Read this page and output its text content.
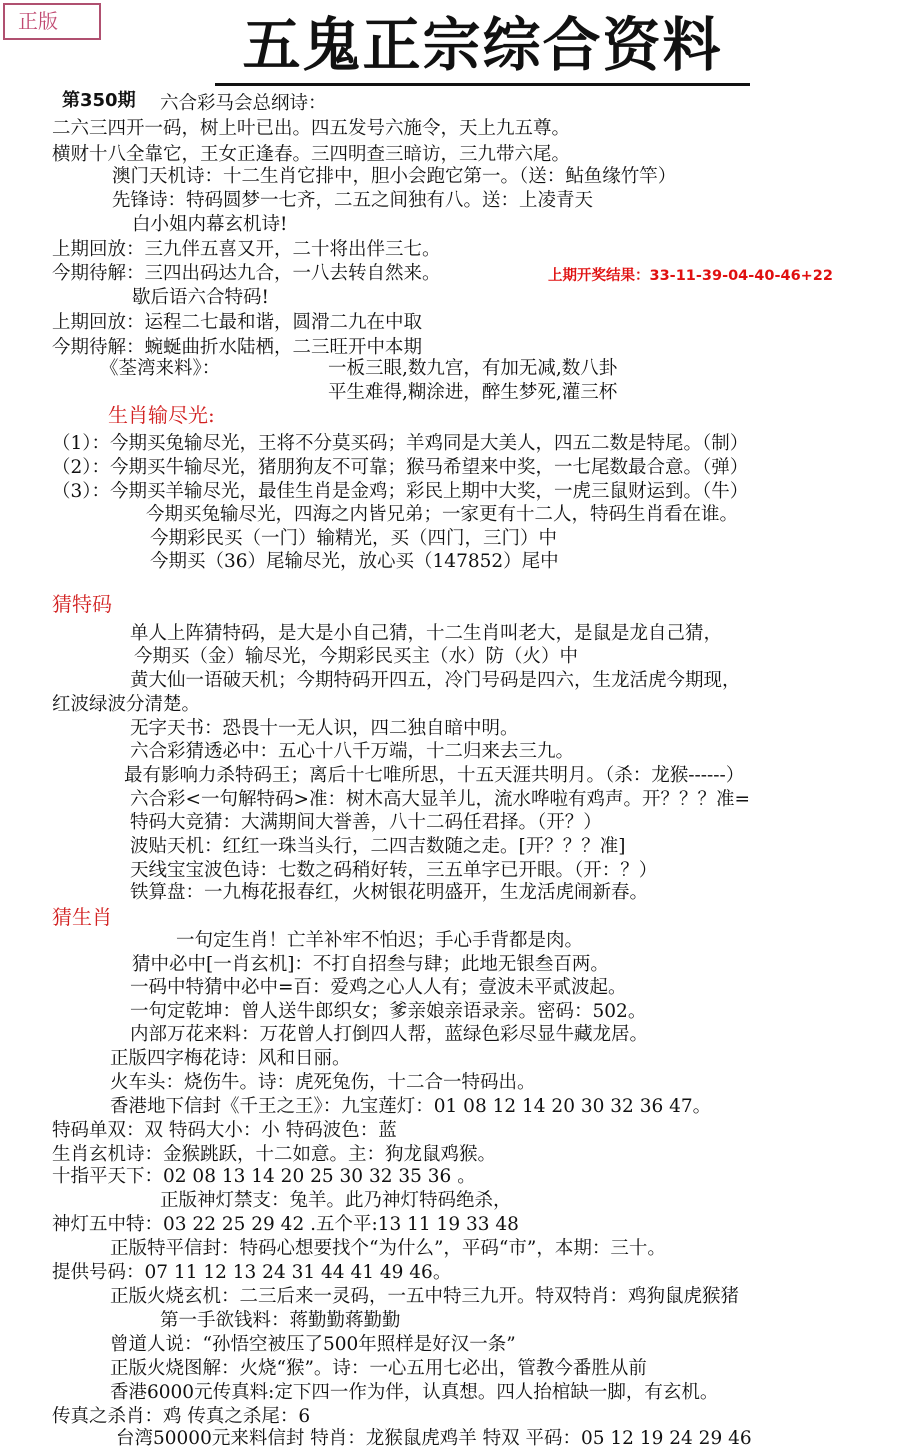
正版	五鬼正宗综合资料
第350期
上期开奖结果：33-11-39-04-40-46+22
六合彩马会总纲诗：
二六三四开一码，树上叶已出。四五发号六施令，天上九五尊。
横财十八全靠它，王女正逢春。三四明查三暗访，三九带六尾。
澳门天机诗：十二生肖它排中，胆小会跑它第一。（送：鲇鱼缘竹竿）
先锋诗：特码圆梦一七齐，二五之间独有八。送：上凌青天
白小姐内幕玄机诗!
上期回放：三九伴五喜又开，二十将出伴三七。
今期待解：三四出码达九合，一八去转自然来。
歇后语六合特码!
上期回放：运程二七最和谐，圆滑二九在中取
今期待解：蜿蜒曲折水陆栖，二三旺开中本期
《荃湾来料》：	一板三眼,数九宫，有加无减,数八卦
平生难得,糊涂进，醉生梦死,灌三杯
生肖输尽光:
（1）：今期买兔输尽光，王将不分莫买码；羊鸡同是大美人，四五二数是特尾。（制）
（2）：今期买牛输尽光，猪朋狗友不可靠；猴马希望来中奖，一七尾数最合意。（弹）
（3）：今期买羊输尽光，最佳生肖是金鸡；彩民上期中大奖，一虎三鼠财运到。（牛）
今期买兔输尽光，四海之内皆兄弟；一家更有十二人，特码生肖看在谁。
今期彩民买（一门）输精光，买（四门，三门）中
今期买（36）尾输尽光，放心买（147852）尾中
猜特码
单人上阵猜特码，是大是小自己猜，十二生肖叫老大，是鼠是龙自己猜，
今期买（金）输尽光，今期彩民买主（水）防（火）中
黄大仙一语破天机；今期特码开四五，冷门号码是四六，生龙活虎今期现，
红波绿波分清楚。
无字天书：恐畏十一无人识，四二独自暗中明。
六合彩猜透必中：五心十八千万端，十二归来去三九。
最有影响力杀特码王；离后十七唯所思，十五天涯共明月。（杀：龙猴------）
六合彩<一句解特码>准：树木高大显羊儿，流水哗啦有鸡声。开？？？准=
特码大竞猜：大满期间大誉善，八十二码任君择。（开？）
波贴天机：红红一珠当头行，二四吉数随之走。[开？？？准]
天线宝宝波色诗：七数之码稍好转，三五单字已开眼。（开：？）
铁算盘：一九梅花报春红，火树银花明盛开，生龙活虎闹新春。
猜生肖
一句定生肖！亡羊补牢不怕迟；手心手背都是肉。
猜中必中[一肖玄机]：不打自招叁与肆；此地无银叁百两。
一码中特猜中必中=百：爱鸡之心人人有；壹波未平贰波起。
一句定乾坤：曾人送牛郎织女；爹亲娘亲语录亲。密码：502。
内部万花来料：万花曾人打倒四人帮，蓝绿色彩尽显牛藏龙居。
正版四字梅花诗：风和日丽。
火车头：烧伤牛。诗：虎死兔伤，十二合一特码出。
香港地下信封《千王之王》：九宝莲灯：01 08 12 14 20 30 32 36 47。
特码单双：双 特码大小：小 特码波色：蓝
生肖玄机诗：金猴跳跃，十二如意。主：狗龙鼠鸡猴。
十指平天下：02 08 13 14 20 25 30 32 35 36 。
正版神灯禁支：兔羊。此乃神灯特码绝杀，
神灯五中特：03 22 25 29 42 .五个平:13 11 19 33 48
正版特平信封：特码心想要找个“为什么”，平码“市”，本期：三十。
提供号码：07 11 12 13 24 31 44 41 49 46。
正版火烧玄机：二三后来一灵码，一五中特三九开。特双特肖：鸡狗鼠虎猴猪
第一手欲钱料：蒋勤勤蒋勤勤
曾道人说：“孙悟空被压了500年照样是好汉一条”
正版火烧图解：火烧“猴”。诗：一心五用七必出，管教今番胜从前
香港6000元传真料:定下四一作为伴，认真想。四人抬棺缺一脚，有玄机。
传真之杀肖：鸡 传真之杀尾：6
台湾50000元来料信封 特肖：龙猴鼠虎鸡羊 特双 平码：05 12 19 24 29 46
